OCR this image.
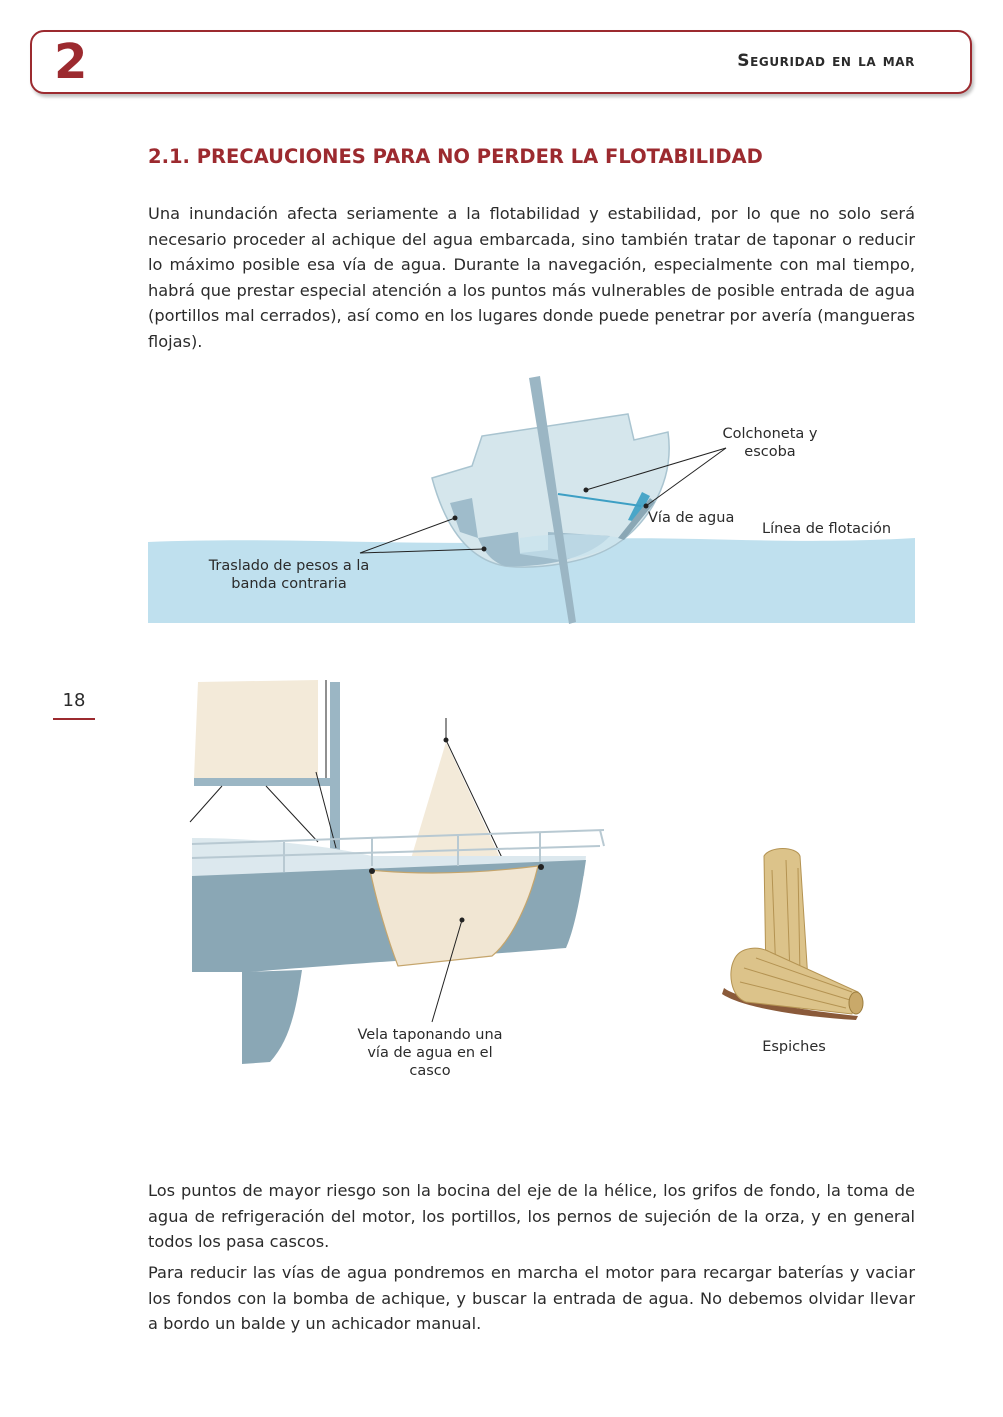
2	Seguridad en la mar
2.1. PRECAUCIONES PARA NO PERDER LA FLOTABILIDAD

Una inundación afecta seriamente a la flotabilidad y estabilidad, por lo que no solo será necesario proceder al achique del agua embarcada, sino también tratar de taponar o reducir lo máximo posible esa vía de agua. Durante la navegación, especialmente con mal tiempo, habrá que prestar especial atención a los puntos más vulnerables de posible entrada de agua (portillos mal cerrados), así como en los lugares donde puede penetrar por avería (mangueras flojas).

Colchoneta y
escoba
Vía de agua
Línea de flotación
Traslado de pesos a la
banda contraria
18
Vela taponando una
vía de agua en el
casco
Espiches

Los puntos de mayor riesgo son la bocina del eje de la hélice, los grifos de fondo, la toma de agua de refrigeración del motor, los portillos, los pernos de sujeción de la orza, y en general todos los pasa cascos.

Para reducir las vías de agua pondremos en marcha el motor para recargar baterías y vaciar los fondos con la bomba de achique, y buscar la entrada de agua. No debemos olvidar llevar a bordo un balde y un achicador manual.
